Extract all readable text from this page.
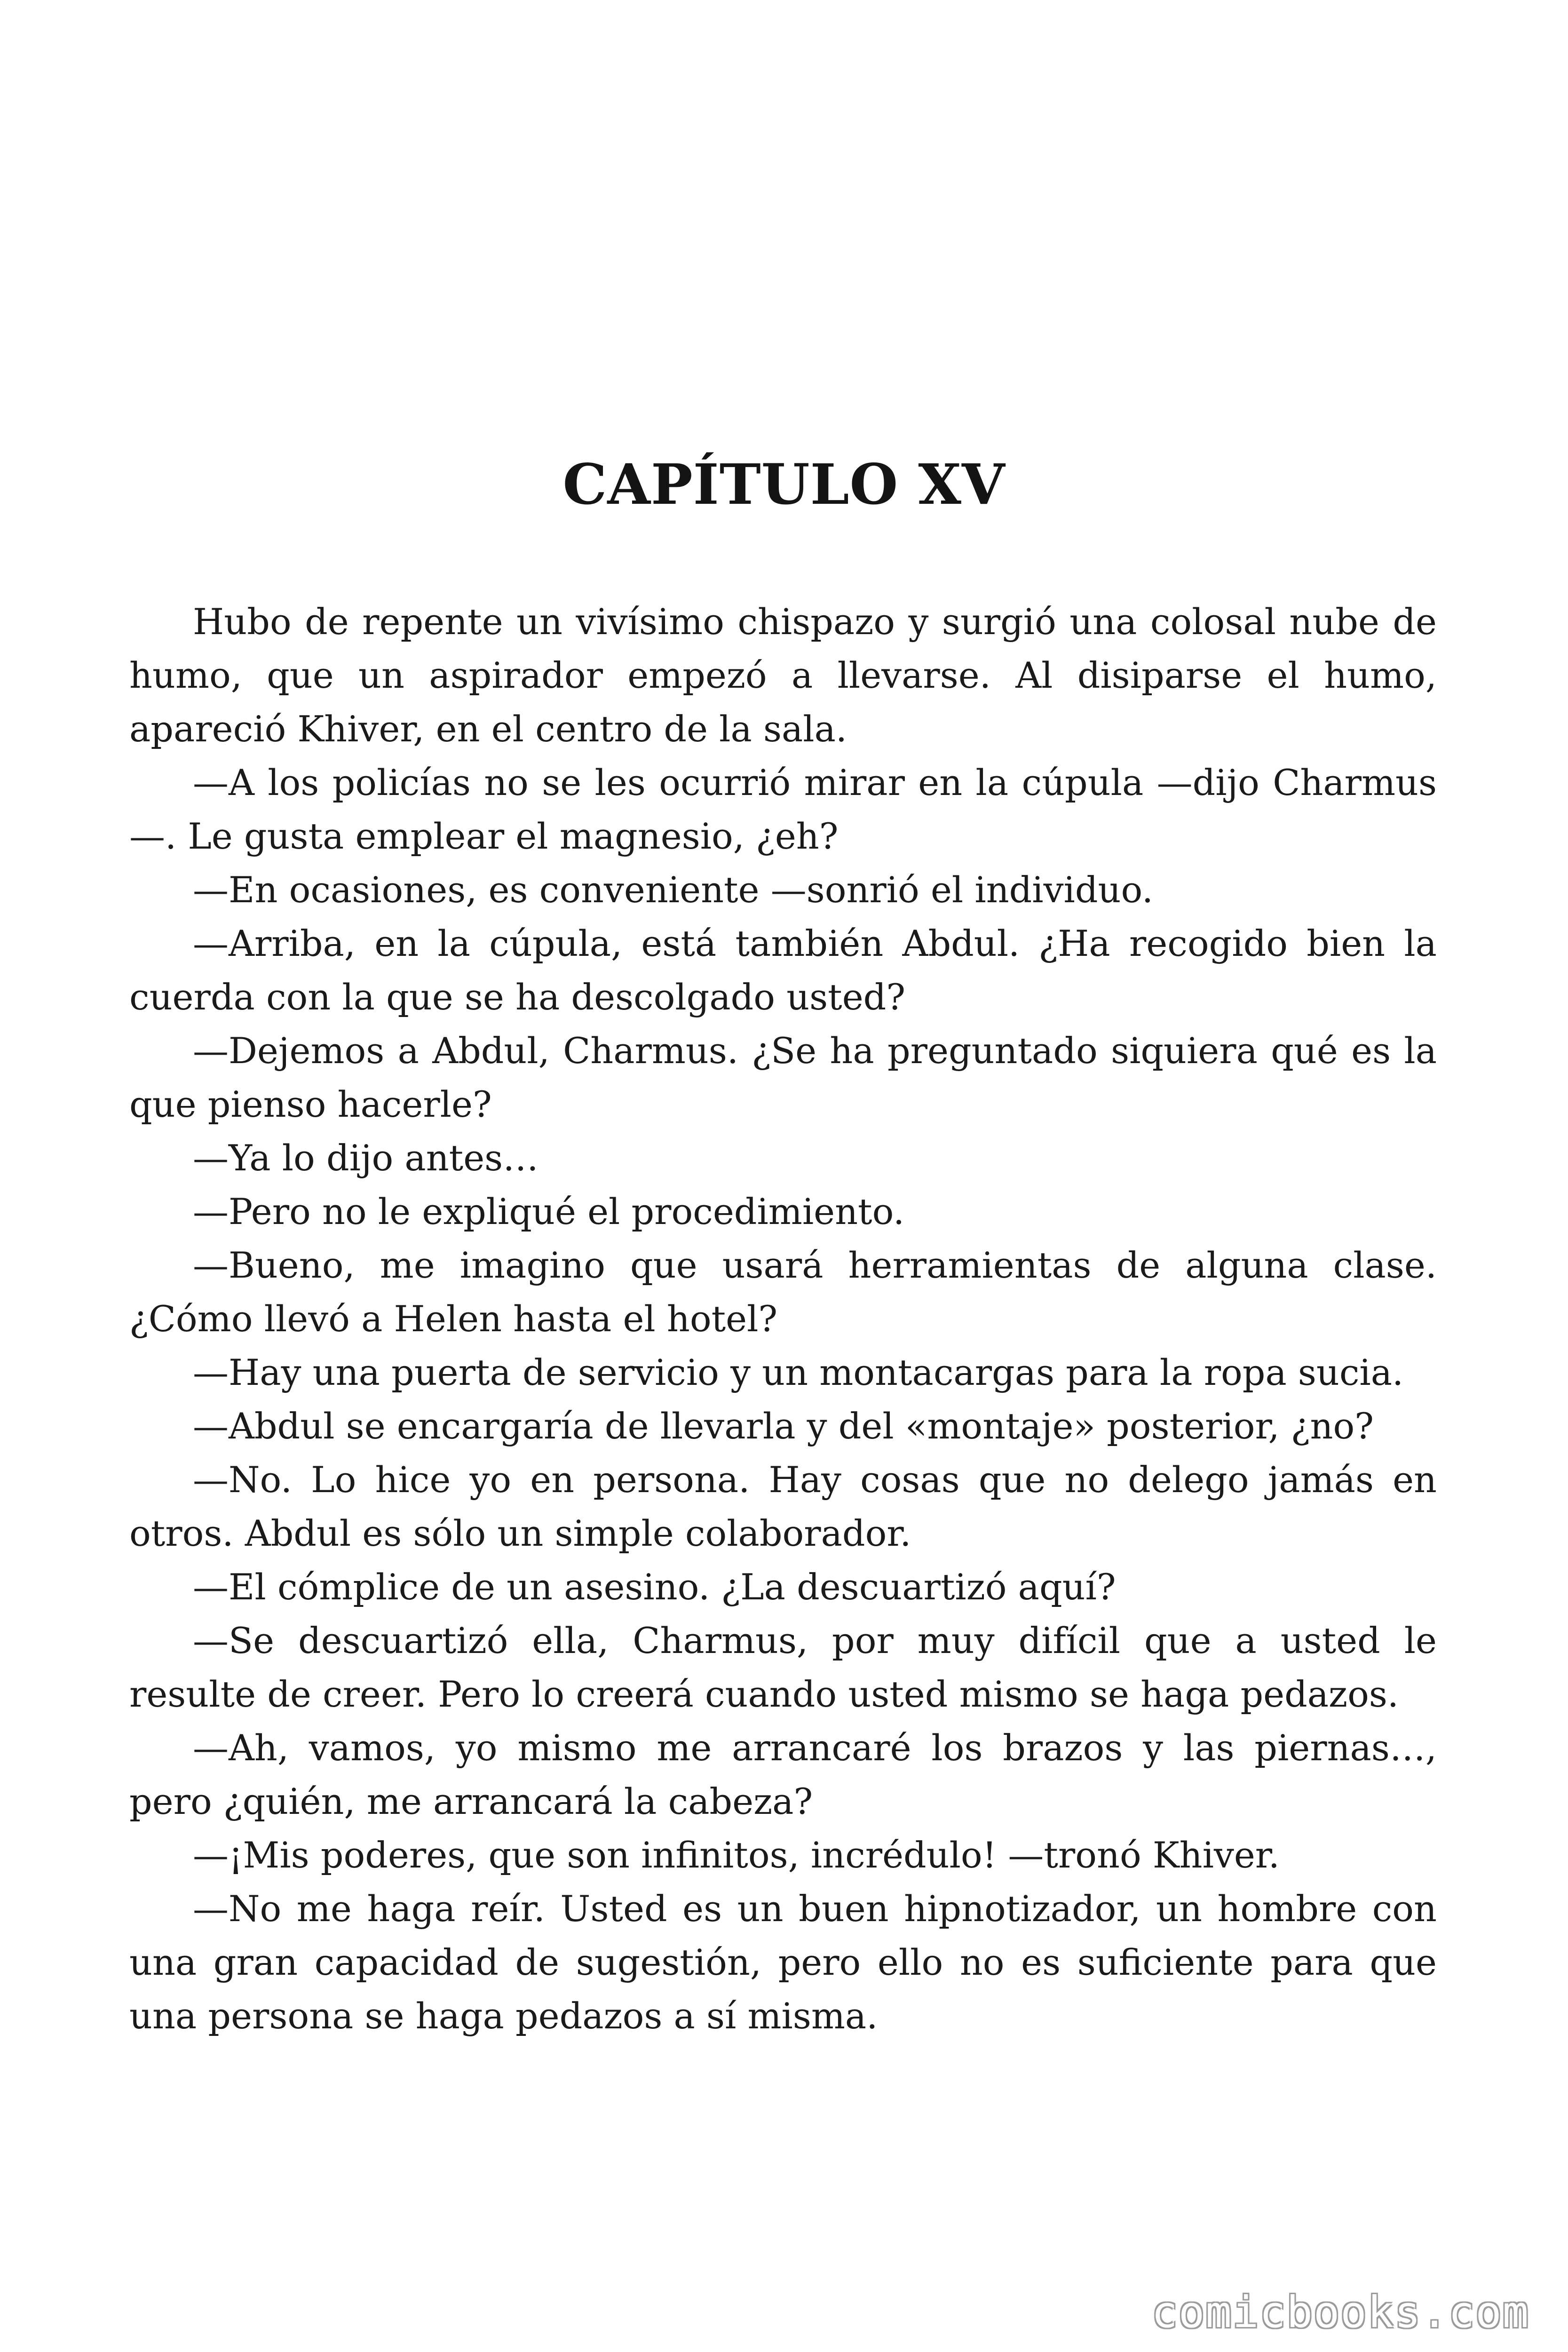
CAPÍTULO XV

Hubo de repente un vivísimo chispazo y surgió una colosal nube de humo, que un aspirador empezó a llevarse. Al disiparse el humo, apareció Khiver, en el centro de la sala.

—A los policías no se les ocurrió mirar en la cúpula —dijo Charmus—. Le gusta emplear el magnesio, ¿eh?

—En ocasiones, es conveniente —sonrió el individuo.

—Arriba, en la cúpula, está también Abdul. ¿Ha recogido bien la cuerda con la que se ha descolgado usted?

—Dejemos a Abdul, Charmus. ¿Se ha preguntado siquiera qué es la que pienso hacerle?

—Ya lo dijo antes…

—Pero no le expliqué el procedimiento.

—Bueno, me imagino que usará herramientas de alguna clase. ¿Cómo llevó a Helen hasta el hotel?

—Hay una puerta de servicio y un montacargas para la ropa sucia.

—Abdul se encargaría de llevarla y del «montaje» posterior, ¿no?

—No. Lo hice yo en persona. Hay cosas que no delego jamás en otros. Abdul es sólo un simple colaborador.

—El cómplice de un asesino. ¿La descuartizó aquí?

—Se descuartizó ella, Charmus, por muy difícil que a usted le resulte de creer. Pero lo creerá cuando usted mismo se haga pedazos.

—Ah, vamos, yo mismo me arrancaré los brazos y las piernas…, pero ¿quién, me arrancará la cabeza?

—¡Mis poderes, que son infinitos, incrédulo! —tronó Khiver.

—No me haga reír. Usted es un buen hipnotizador, un hombre con una gran capacidad de sugestión, pero ello no es suficiente para que una persona se haga pedazos a sí misma.

comicbooks.com
